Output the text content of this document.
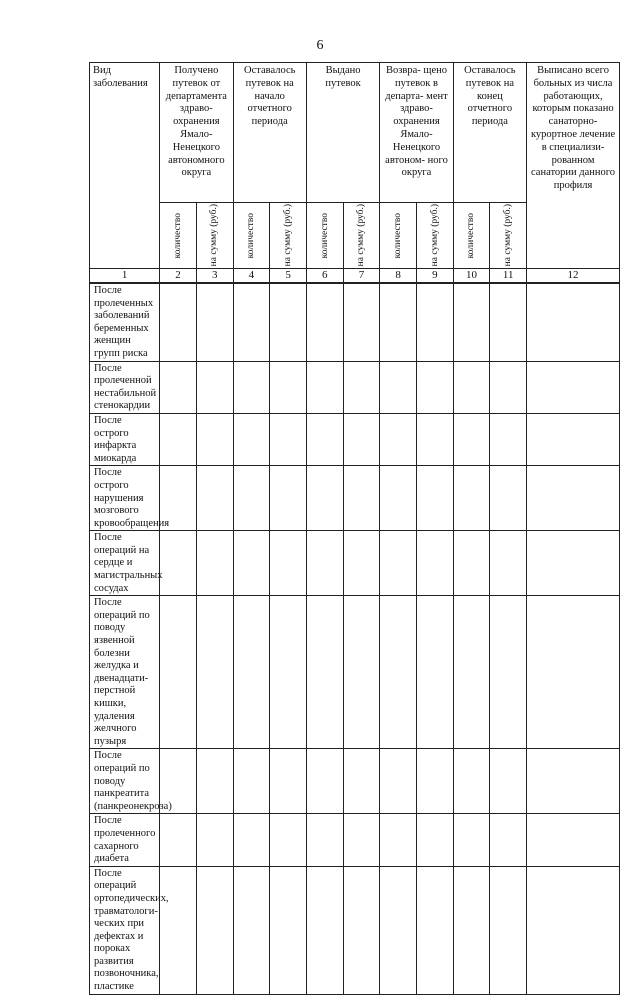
6
Вид заболевания	Получено путевок от департамента здраво- охранения Ямало- Ненецкого автономного округа		Оставалось путевок на начало отчетного периода		Выдано путевок		Возвра- щено путевок в департа- мент здраво- охранения Ямало- Ненецкого автоном- ного округа		Оставалось путевок на конец отчетного периода		Выписано всего больных из числа работающих, которым показано санаторно- курортное лечение в специализи- рованном санатории данного профиля

	количество	на сумму (руб.)	количество	на сумму (руб.)	количество	на сумму (руб.)	количество	на сумму (руб.)	количество	на сумму (руб.)	

1	2	3	4	5	6	7	8	9	10	11	12
После пролеченных заболеваний беременных женщин групп риска											
После пролеченной нестабильной стенокардии											
После острого инфаркта миокарда											
После острого нарушения мозгового кровообращения											
После операций на сердце и магистральных сосудах											
После операций по поводу язвенной болезни желудка и двенадцати- перстной кишки, удаления желчного пузыря											
После операций по поводу панкреатита (панкреонекроза)											
После пролеченного сахарного диабета											
После операций ортопедических, травматологи- ческих при дефектах и пороках развития позвоночника, пластике											
